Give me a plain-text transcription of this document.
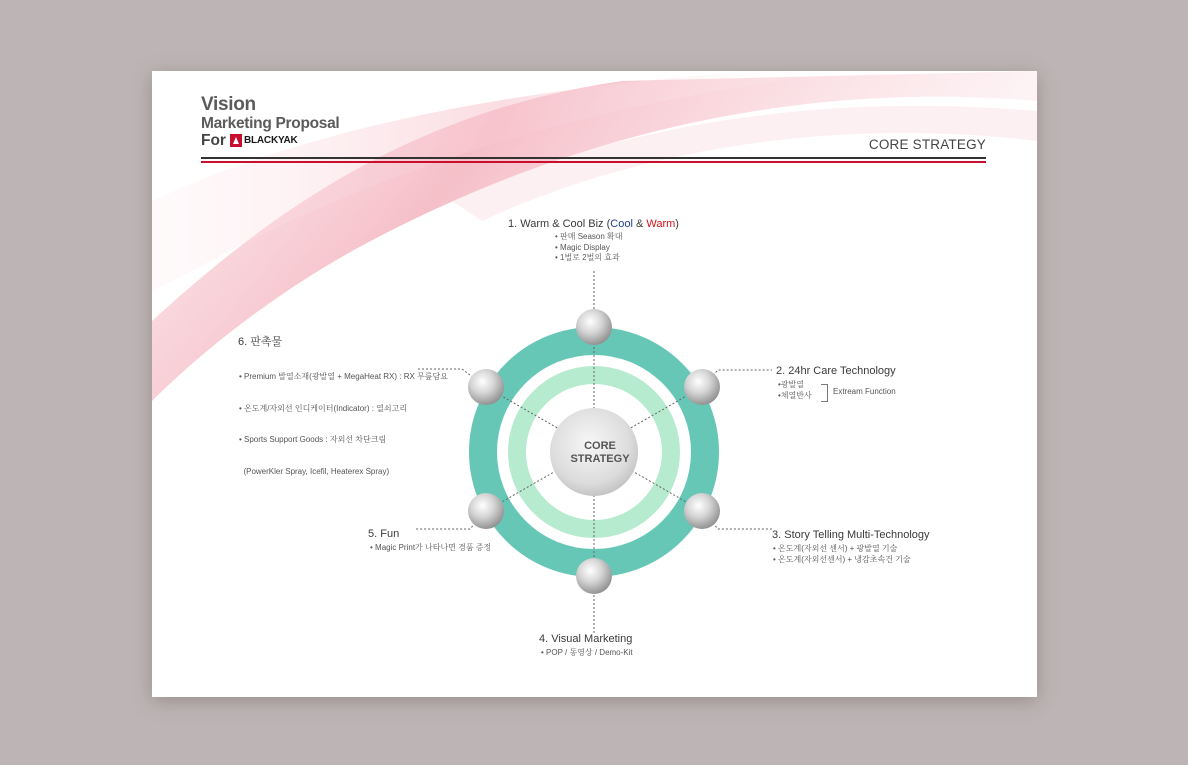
Vision
Marketing Proposal
For BLACKYAK	CORE STRATEGY
CORE
STRATEGY
1. Warm & Cool Biz (Cool & Warm)
• 판매 Season 확대
• Magic Display
• 1벌로 2벌의 효과
2. 24hr Care Technology
•광발열
•체열반사	Extream Function
3. Story Telling Multi-Technology
• 온도계(자외선 센서) + 광발열 기술
• 온도계(자외선센서) + 냉감초속건 기술
4. Visual Marketing
• POP / 동영상 / Demo-Kit
5. Fun
• Magic Print가 나타나면 경품 증정
6. 판촉물

• Premium 발열소재(광발열 + MegaHeat RX) : RX 무릎담요

• 온도계/자외선 인디케이터(Indicator) : 열쇠고리

• Sports Support Goods : 자외선 차단크림

(PowerKler Spray, Icefil, Heaterex Spray)
